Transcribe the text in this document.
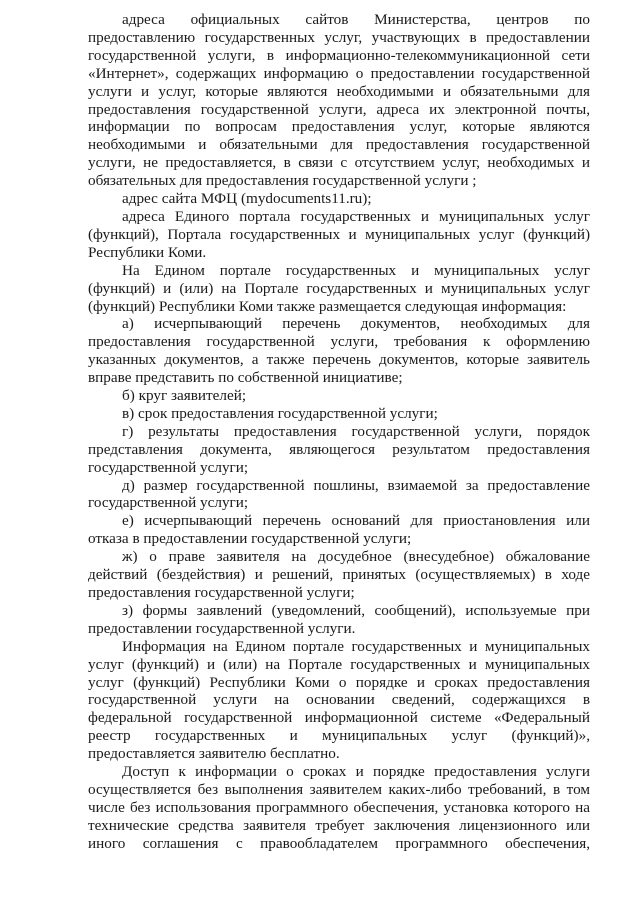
адреса официальных сайтов Министерства, центров по предоставлению государственных услуг, участвующих в предоставлении государственной услуги, в информационно-телекоммуникационной сети «Интернет», содержащих информацию о предоставлении государственной услуги и услуг, которые являются необходимыми и обязательными для предоставления государственной услуги, адреса их электронной почты, информации по вопросам предоставления услуг, которые являются необходимыми и обязательными для предоставления государственной услуги, не предоставляется, в связи с отсутствием услуг, необходимых и обязательных для предоставления государственной услуги ;

адрес сайта МФЦ (mydocuments11.ru);

адреса Единого портала государственных и муниципальных услуг (функций), Портала государственных и муниципальных услуг (функций) Республики Коми.

На Едином портале государственных и муниципальных услуг (функций) и (или) на Портале государственных и муниципальных услуг (функций) Республики Коми также размещается следующая информация:

а) исчерпывающий перечень документов, необходимых для предоставления государственной услуги, требования к оформлению указанных документов, а также перечень документов, которые заявитель вправе представить по собственной инициативе;

б) круг заявителей;

в) срок предоставления государственной услуги;

г) результаты предоставления государственной услуги, порядок представления документа, являющегося результатом предоставления государственной услуги;

д) размер государственной пошлины, взимаемой за предоставление государственной услуги;

е) исчерпывающий перечень оснований для приостановления или отказа в предоставлении государственной услуги;

ж) о праве заявителя на досудебное (внесудебное) обжалование действий (бездействия) и решений, принятых (осуществляемых) в ходе предоставления государственной услуги;

з) формы заявлений (уведомлений, сообщений), используемые при предоставлении государственной услуги.

Информация на Едином портале государственных и муниципальных услуг (функций) и (или) на Портале государственных и муниципальных услуг (функций) Республики Коми о порядке и сроках предоставления государственной услуги на основании сведений, содержащихся в федеральной государственной информационной системе «Федеральный реестр государственных и муниципальных услуг (функций)», предоставляется заявителю бесплатно.

Доступ к информации о сроках и порядке предоставления услуги осуществляется без выполнения заявителем каких-либо требований, в том числе без использования программного обеспечения, установка которого на технические средства заявителя требует заключения лицензионного или иного соглашения с правообладателем программного обеспечения,
